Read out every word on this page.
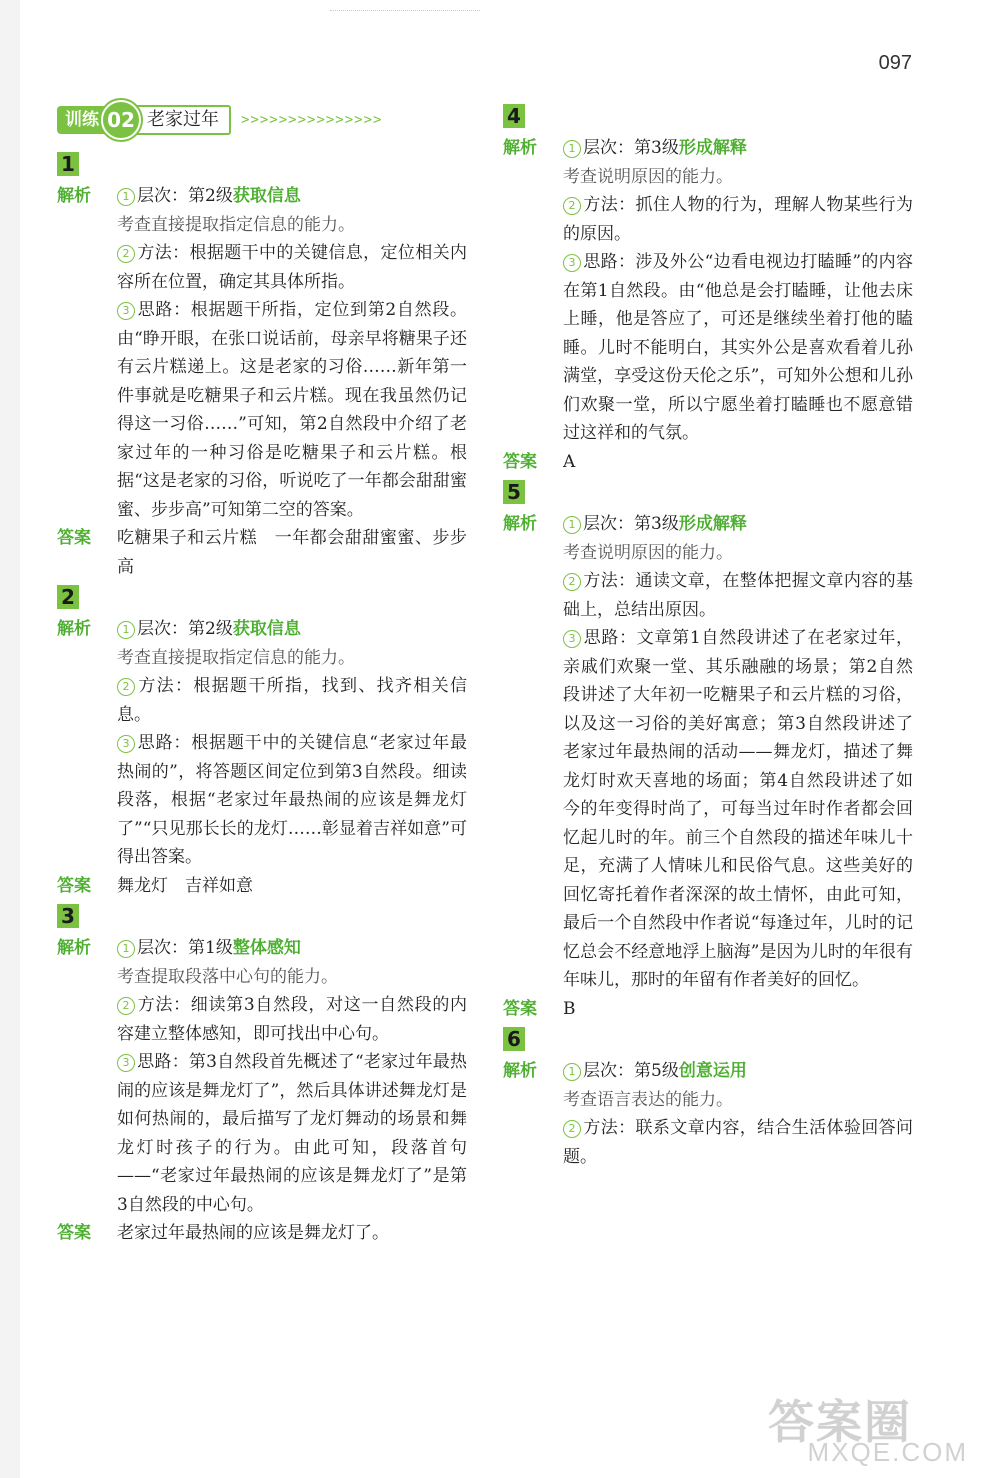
097
训练 02 老家过年	>>>>>>>>>>>>>>>
1
解析	1 层次：第2级获取信息

考查直接提取指定信息的能力。

2 方法：根据题干中的关键信息，定位相关内容所在位置，确定其具体所指。

3 思路：根据题干所指，定位到第2自然段。由“睁开眼，在张口说话前，母亲早将糖果子还有云片糕递上。这是老家的习俗……新年第一件事就是吃糖果子和云片糕。现在我虽然仍记得这一习俗……”可知，第2自然段中介绍了老家过年的一种习俗是吃糖果子和云片糕。根据“这是老家的习俗，听说吃了一年都会甜甜蜜蜜、步步高”可知第二空的答案。

答案	吃糖果子和云片糕　一年都会甜甜蜜蜜、步步高

2
解析	1 层次：第2级获取信息

考查直接提取指定信息的能力。

2 方法：根据题干所指，找到、找齐相关信息。

3 思路：根据题干中的关键信息“老家过年最热闹的”，将答题区间定位到第3自然段。细读段落，根据“老家过年最热闹的应该是舞龙灯了”“只见那长长的龙灯……彰显着吉祥如意”可得出答案。

答案	舞龙灯　吉祥如意

3
解析	1 层次：第1级整体感知

考查提取段落中心句的能力。

2 方法：细读第3自然段，对这一自然段的内容建立整体感知，即可找出中心句。

3 思路：第3自然段首先概述了“老家过年最热闹的应该是舞龙灯了”，然后具体讲述舞龙灯是如何热闹的，最后描写了龙灯舞动的场景和舞龙灯时孩子的行为。由此可知，段落首句——“老家过年最热闹的应该是舞龙灯了”是第3自然段的中心句。

答案	老家过年最热闹的应该是舞龙灯了。

4
解析	1 层次：第3级形成解释

考查说明原因的能力。

2 方法：抓住人物的行为，理解人物某些行为的原因。

3 思路：涉及外公“边看电视边打瞌睡”的内容在第1自然段。由“他总是会打瞌睡，让他去床上睡，他是答应了，可还是继续坐着打他的瞌睡。儿时不能明白，其实外公是喜欢看着儿孙满堂，享受这份天伦之乐”，可知外公想和儿孙们欢聚一堂，所以宁愿坐着打瞌睡也不愿意错过这祥和的气氛。

答案	A

5
解析	1 层次：第3级形成解释

考查说明原因的能力。

2 方法：通读文章，在整体把握文章内容的基础上，总结出原因。

3 思路：文章第1自然段讲述了在老家过年，亲戚们欢聚一堂、其乐融融的场景；第2自然段讲述了大年初一吃糖果子和云片糕的习俗，以及这一习俗的美好寓意；第3自然段讲述了老家过年最热闹的活动——舞龙灯，描述了舞龙灯时欢天喜地的场面；第4自然段讲述了如今的年变得时尚了，可每当过年时作者都会回忆起儿时的年。前三个自然段的描述年味儿十足，充满了人情味儿和民俗气息。这些美好的回忆寄托着作者深深的故土情怀，由此可知，最后一个自然段中作者说“每逢过年，儿时的记忆总会不经意地浮上脑海”是因为儿时的年很有年味儿，那时的年留有作者美好的回忆。

答案	B

6
解析	1 层次：第5级创意运用

考查语言表达的能力。

2 方法：联系文章内容，结合生活体验回答问题。

答案圈
MXQE.COM
